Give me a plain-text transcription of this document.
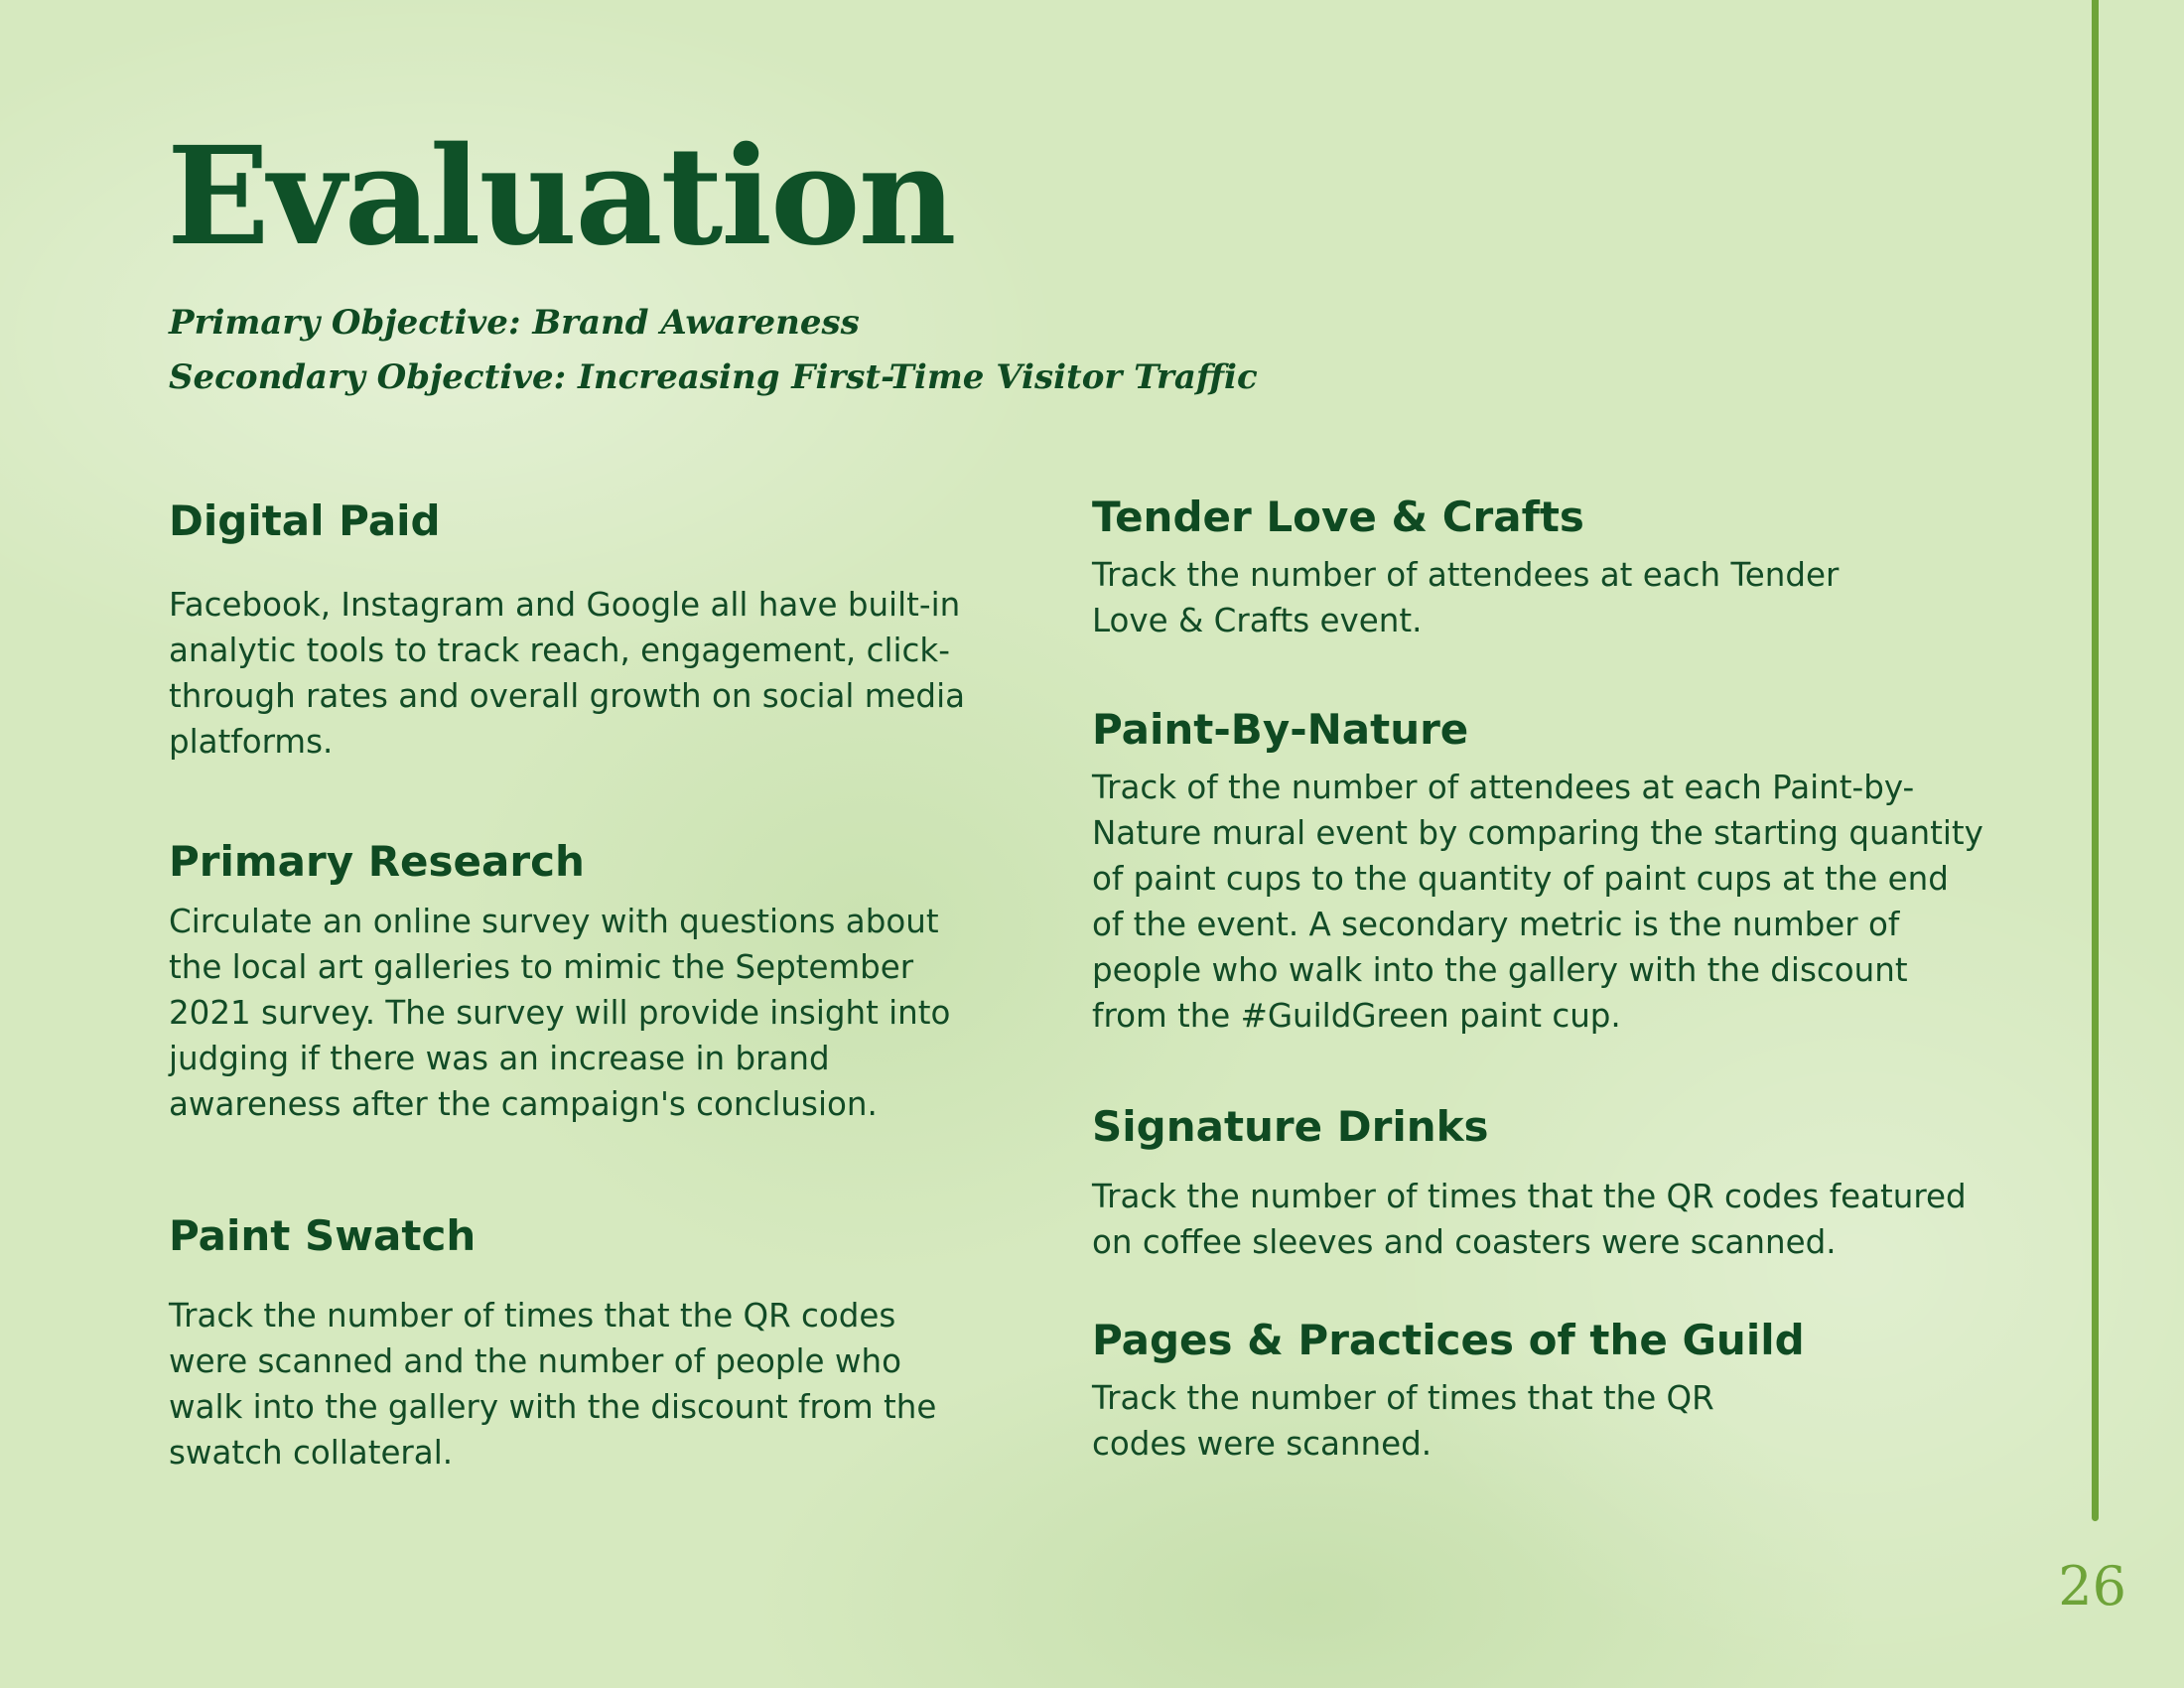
Evaluation

Primary Objective: Brand Awareness

Secondary Objective: Increasing First-Time Visitor Traffic

Digital Paid

Facebook, Instagram and Google all have built-in analytic tools to track reach, engagement, click-through rates and overall growth on social media platforms.

Primary Research

Circulate an online survey with questions about the local art galleries to mimic the September 2021 survey. The survey will provide insight into judging if there was an increase in brand awareness after the campaign's conclusion.

Paint Swatch

Track the number of times that the QR codes were scanned and the number of people who walk into the gallery with the discount from the swatch collateral.

Tender Love & Crafts

Track the number of attendees at each Tender Love & Crafts event.

Paint-By-Nature

Track of the number of attendees at each Paint-by-Nature mural event by comparing the starting quantity of paint cups to the quantity of paint cups at the end of the event. A secondary metric is the number of people who walk into the gallery with the discount from the #GuildGreen paint cup.

Signature Drinks

Track the number of times that the QR codes featured on coffee sleeves and coasters were scanned.

Pages & Practices of the Guild

Track the number of times that the QR codes were scanned.

26
